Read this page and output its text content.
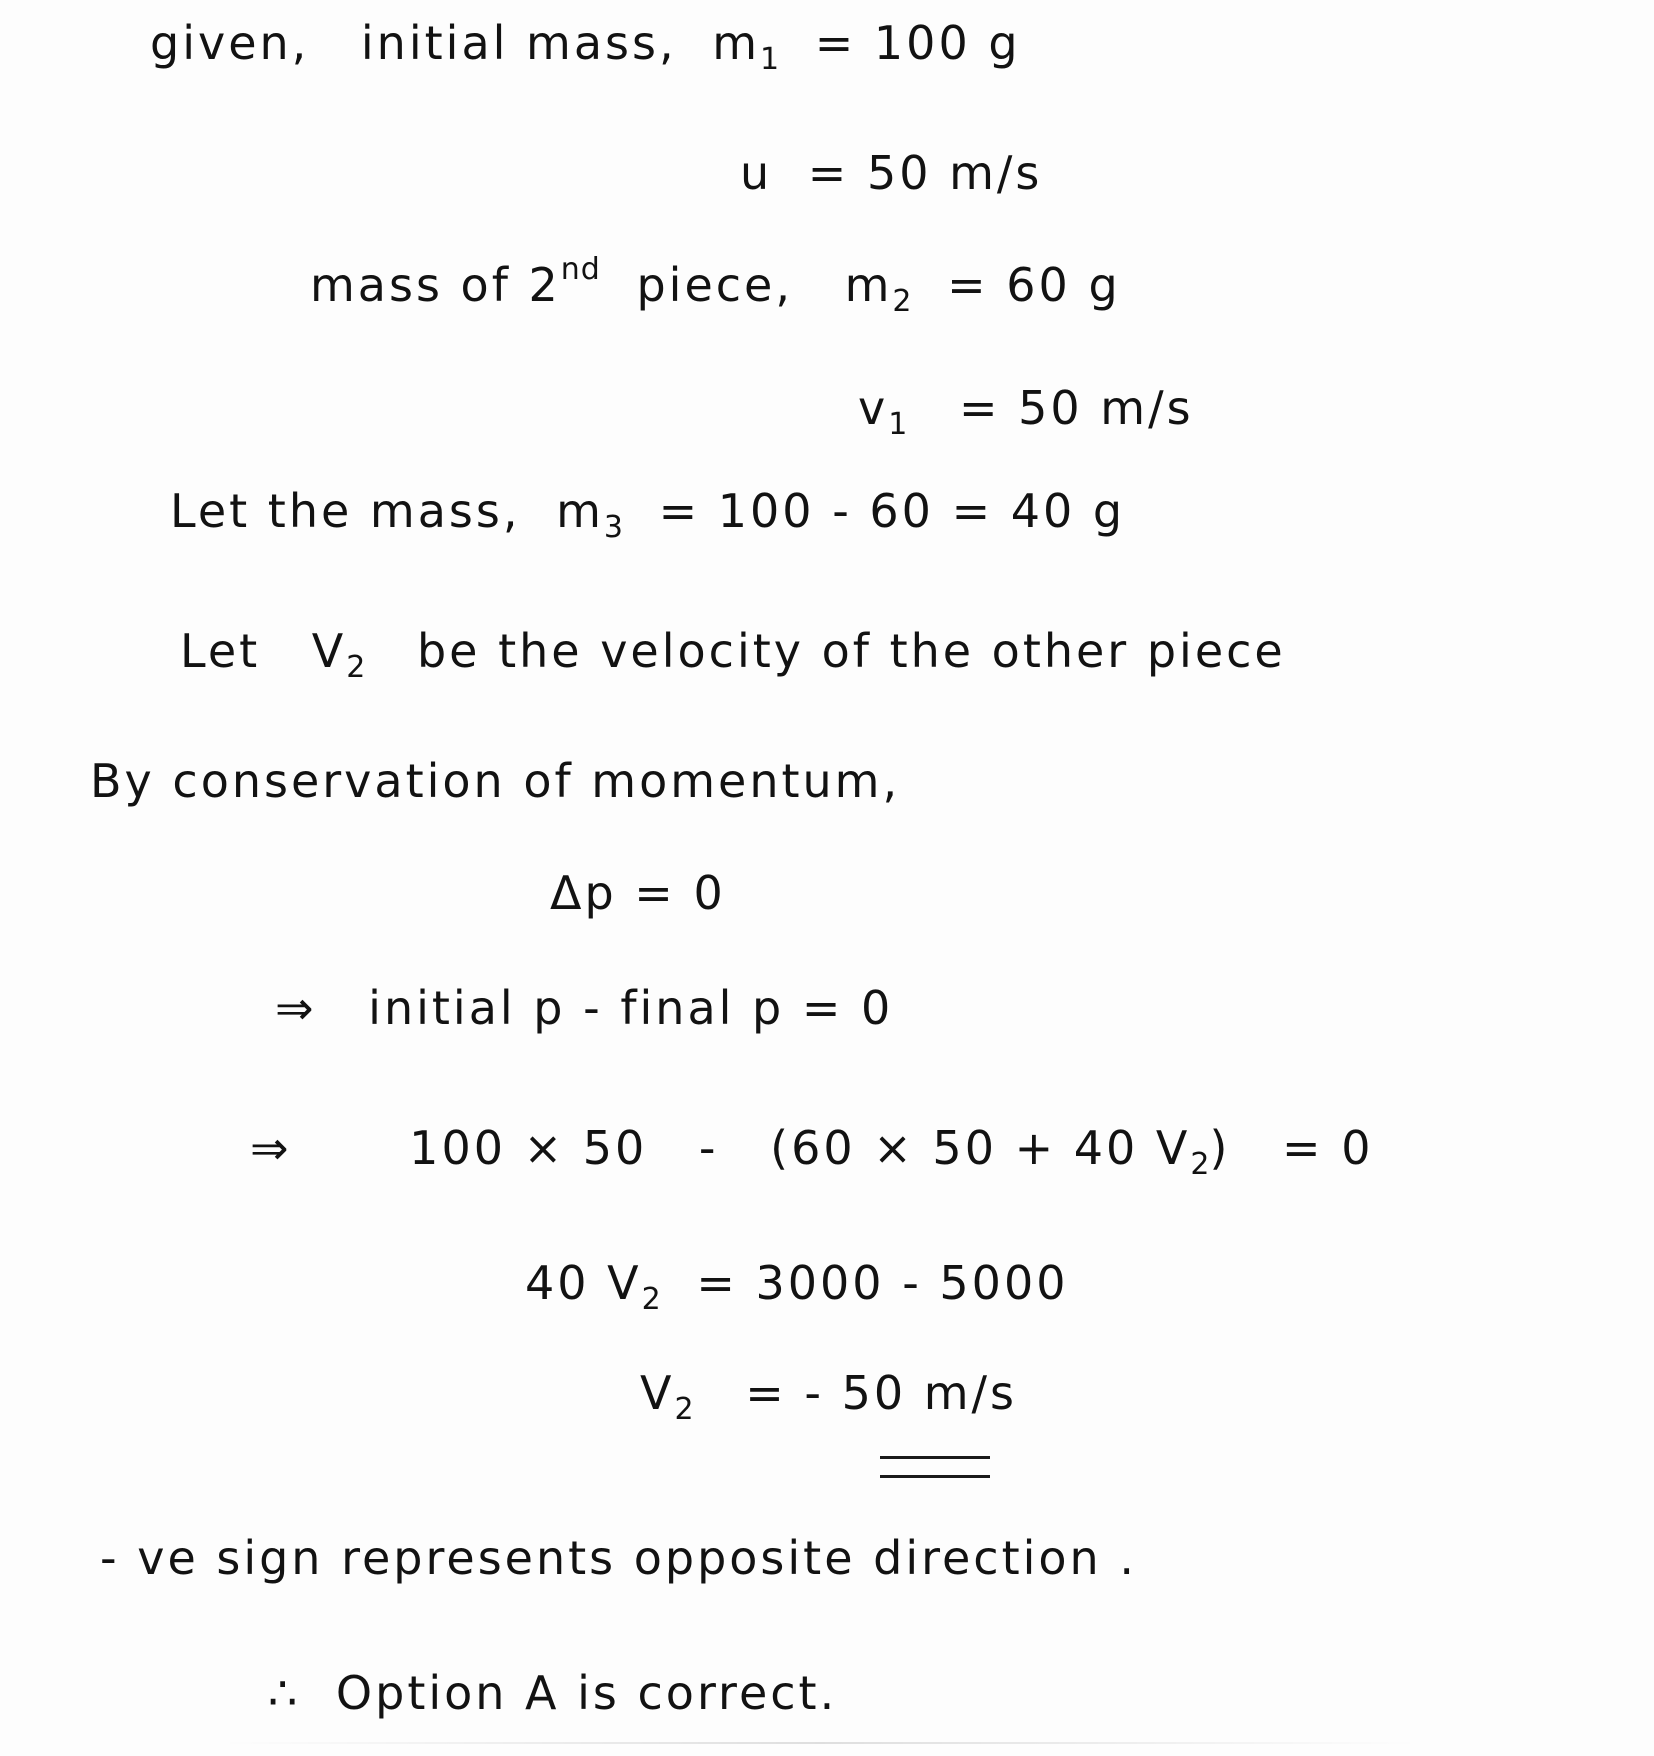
given, initial mass, m1 = 100 g
u = 50 m/s
mass of 2nd piece, m2 = 60 g
v1 = 50 m/s
Let the mass, m3 = 100 - 60 = 40 g
Let V2 be the velocity of the other piece
By conservation of momentum,
Δp = 0
⇒ initial p - final p = 0
⇒	100 × 50 - (60 × 50 + 40 V2) = 0
40 V2 = 3000 - 5000
V2 = - 50 m/s
- ve sign represents opposite direction .
∴ Option A is correct.
